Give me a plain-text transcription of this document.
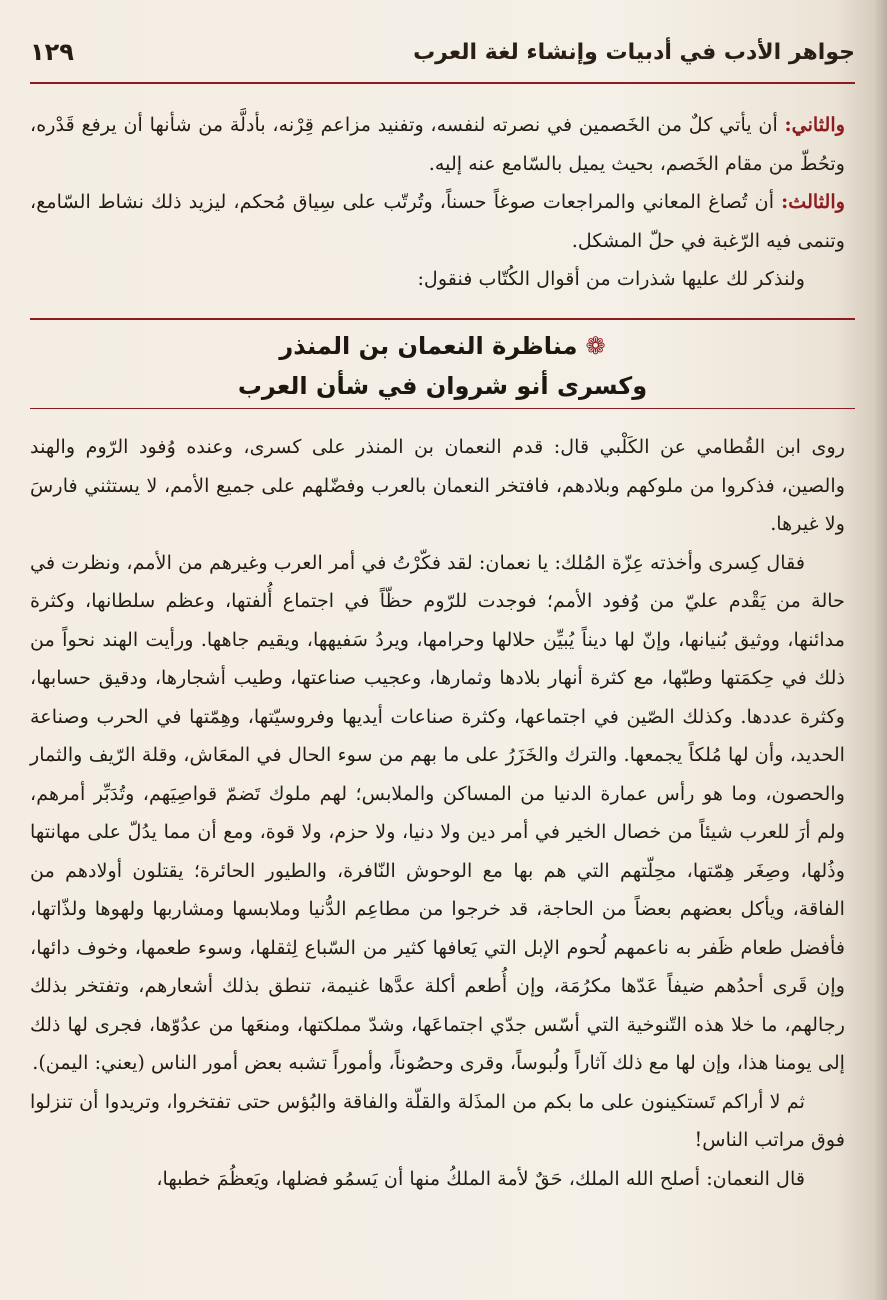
جواهر الأدب في أدبيات وإنشاء لغة العرب
١٢٩

والثاني: أن يأتي كلٌ من الخَصمين في نصرته لنفسه، وتفنيد مزاعم قِرْنه، بأدلَّة من شأنها أن يرفع قَدْره، وتحُطّ من مقام الخَصم، بحيث يميل بالسّامع عنه إليه.

والثالث: أن تُصاغ المعاني والمراجعات صوغاً حسناً، وتُرتّب على سِياق مُحكم، ليزيد ذلك نشاط السّامع، وتنمى فيه الرّغبة في حلّ المشكل.

ولنذكر لك عليها شذرات من أقوال الكُتّاب فنقول:

❁مناظرة النعمان بن المنذر
وكسرى أنو شروان في شأن العرب

روى ابن القُطامي عن الكَلْبي قال: قدم النعمان بن المنذر على كسرى، وعنده وُفود الرّوم والهند والصين، فذكروا من ملوكهم وبلادهم، فافتخر النعمان بالعرب وفضّلهم على جميع الأمم، لا يستثني فارسَ ولا غيرها.

فقال كِسرى وأخذته عِزّة المُلك: يا نعمان: لقد فكّرْتُ في أمر العرب وغيرهم من الأمم، ونظرت في حالة من يَقْدم عليّ من وُفود الأمم؛ فوجدت للرّوم حظّاً في اجتماع أُلفتها، وعظم سلطانها، وكثرة مدائنها، ووثيق بُنيانها، وإنّ لها ديناً يُبيِّن حلالها وحرامها، ويردُ سَفيهها، ويقيم جاهها. ورأيت الهند نحواً من ذلك في حِكمَتها وطبّها، مع كثرة أنهار بلادها وثمارها، وعجيب صناعتها، وطيب أشجارها، ودقيق حسابها، وكثرة عددها. وكذلك الصّين في اجتماعها، وكثرة صناعات أيديها وفروسيّتها، وهِمّتها في الحرب وصناعة الحديد، وأن لها مُلكاً يجمعها. والترك والخَزَرُ على ما بهم من سوء الحال في المعَاش، وقلة الرّيف والثمار والحصون، وما هو رأس عمارة الدنيا من المساكن والملابس؛ لهم ملوك تَضمّ قواصِيَهم، وتُدَبِّر أمرهم، ولم أرَ للعرب شيئاً من خصال الخير في أمر دين ولا دنيا، ولا حزم، ولا قوة، ومع أن مما يدُلّ على مهانتها وذُلها، وصِغَر هِمّتها، محِلّتهم التي هم بها مع الوحوش النّافرة، والطيور الحائرة؛ يقتلون أولادهم من الفاقة، ويأكل بعضهم بعضاً من الحاجة، قد خرجوا من مطاعِم الدُّنيا وملابسها ومشاربها ولهوها ولذّاتها، فأفضل طعام ظَفر به ناعمهم لُحوم الإبل التي يَعافها كثير من السّباع لِثقلها، وسوء طعمها، وخوف دائها، وإن قَرى أحدُهم ضيفاً عَدّها مكرُمَة، وإن أُطعم أكلة عدَّها غنيمة، تنطق بذلك أشعارهم، وتفتخر بذلك رجالهم، ما خلا هذه التّنوخية التي أسّس جدّي اجتماعَها، وشدّ مملكتها، ومنعَها من عدُوّها، فجرى لها ذلك إلى يومنا هذا، وإن لها مع ذلك آثاراً ولُبوساً، وقرى وحصُوناً، وأموراً تشبه بعض أمور الناس (يعني: اليمن).

ثم لا أراكم تَستكينون على ما بكم من المذَلة والقلّة والفاقة والبُؤس حتى تفتخروا، وتريدوا أن تنزلوا فوق مراتب الناس!

قال النعمان: أصلح الله الملك، حَقٌ لأمة الملكُ منها أن يَسمُو فضلها، ويَعظُمَ خطبها،
